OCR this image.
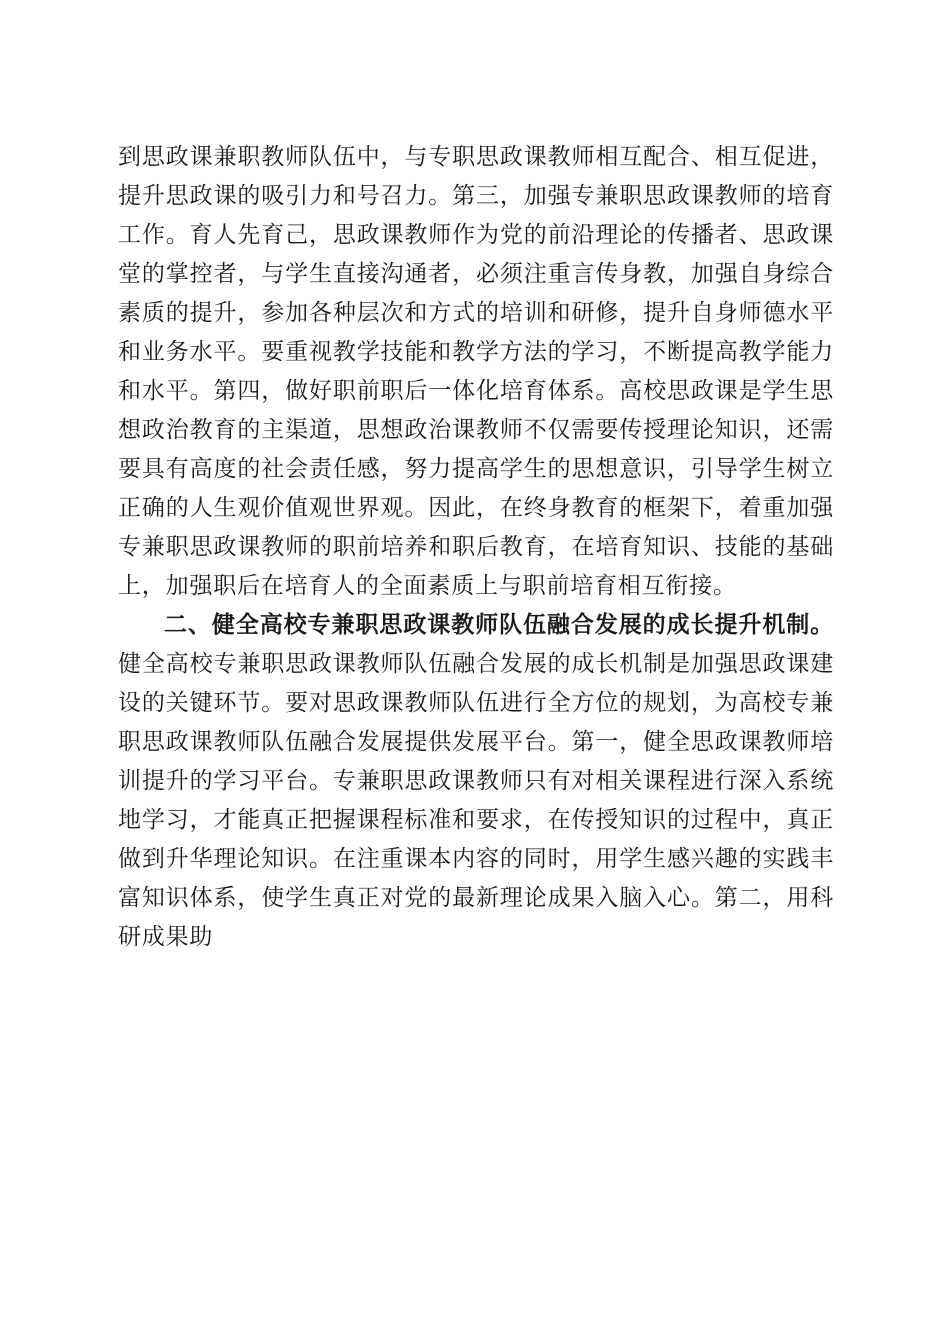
到思政课兼职教师队伍中，与专职思政课教师相互配合、相互促进，提升思政课的吸引力和号召力。第三，加强专兼职思政课教师的培育工作。育人先育己，思政课教师作为党的前沿理论的传播者、思政课堂的掌控者，与学生直接沟通者，必须注重言传身教，加强自身综合素质的提升，参加各种层次和方式的培训和研修，提升自身师德水平和业务水平。要重视教学技能和教学方法的学习，不断提高教学能力和水平。第四，做好职前职后一体化培育体系。高校思政课是学生思想政治教育的主渠道，思想政治课教师不仅需要传授理论知识，还需要具有高度的社会责任感，努力提高学生的思想意识，引导学生树立正确的人生观价值观世界观。因此，在终身教育的框架下，着重加强专兼职思政课教师的职前培养和职后教育，在培育知识、技能的基础上，加强职后在培育人的全面素质上与职前培育相互衔接。

二、健全高校专兼职思政课教师队伍融合发展的成长提升机制。健全高校专兼职思政课教师队伍融合发展的成长机制是加强思政课建设的关键环节。要对思政课教师队伍进行全方位的规划，为高校专兼职思政课教师队伍融合发展提供发展平台。第一，健全思政课教师培训提升的学习平台。专兼职思政课教师只有对相关课程进行深入系统地学习，才能真正把握课程标准和要求，在传授知识的过程中，真正做到升华理论知识。在注重课本内容的同时，用学生感兴趣的实践丰富知识体系，使学生真正对党的最新理论成果入脑入心。第二，用科研成果助
